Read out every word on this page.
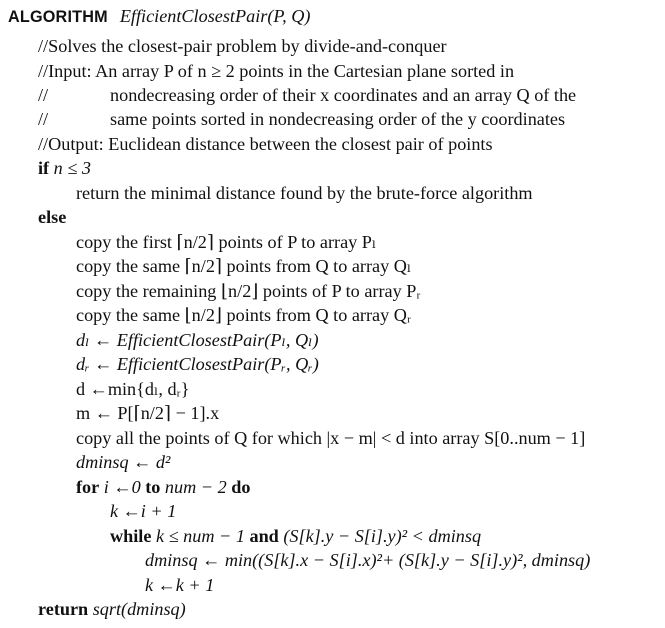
ALGORITHM EfficientClosestPair(P, Q)
//Solves the closest-pair problem by divide-and-conquer
//Input: An array P of n ≥ 2 points in the Cartesian plane sorted in
//	nondecreasing order of their x coordinates and an array Q of the
//	same points sorted in nondecreasing order of the y coordinates
//Output: Euclidean distance between the closest pair of points
if n ≤ 3
return the minimal distance found by the brute-force algorithm
else
copy the first ⌈n/2⌉ points of P to array Pₗ
copy the same ⌈n/2⌉ points from Q to array Qₗ
copy the remaining ⌊n/2⌋ points of P to array Pᵣ
copy the same ⌊n/2⌋ points from Q to array Qᵣ
dₗ ← EfficientClosestPair(Pₗ, Qₗ)
dᵣ ← EfficientClosestPair(Pᵣ, Qᵣ)
d ←min{dₗ, dᵣ}
m ← P[⌈n/2⌉ − 1].x
copy all the points of Q for which |x − m| < d into array S[0..num − 1]
dminsq ← d²
for i ←0 to num − 2 do
k ←i + 1
while k ≤ num − 1 and (S[k].y − S[i].y)² < dminsq
dminsq ← min((S[k].x − S[i].x)²+ (S[k].y − S[i].y)², dminsq)
k ←k + 1
return sqrt(dminsq)
